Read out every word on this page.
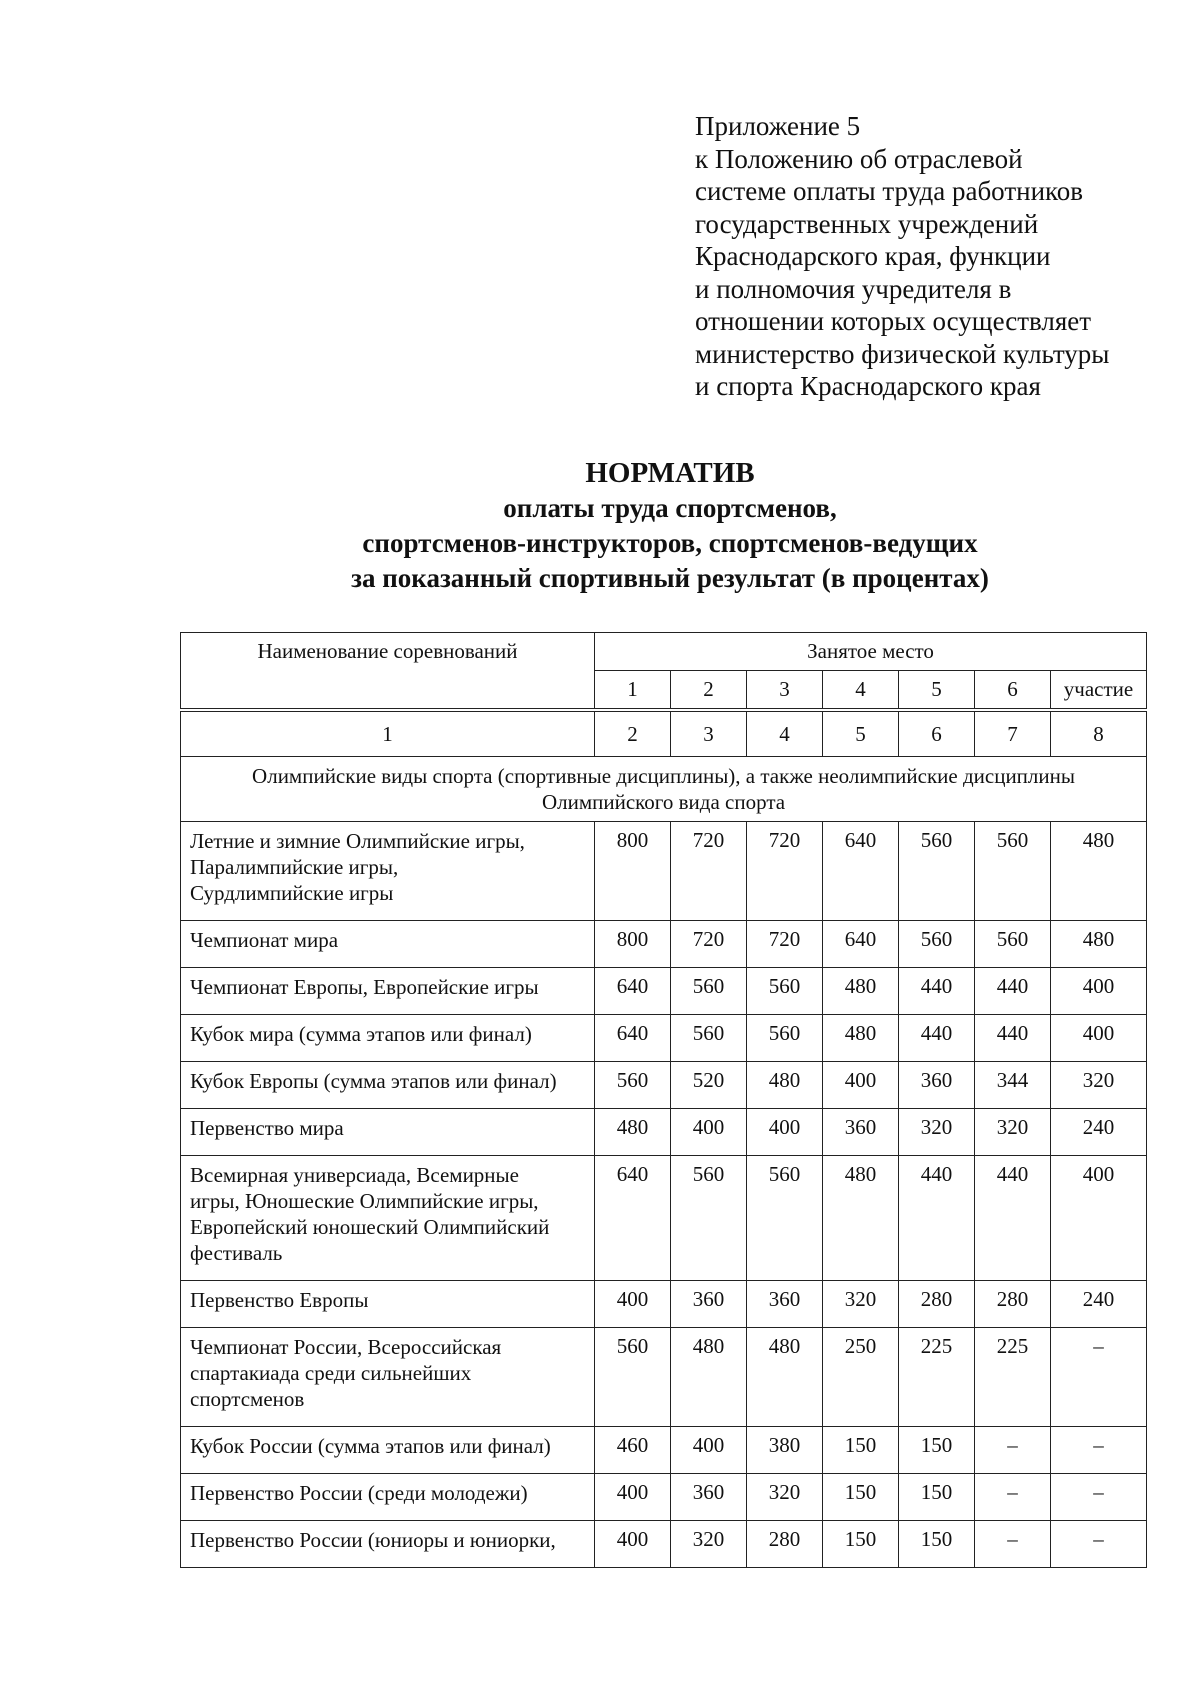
Приложение 5
к Положению об отраслевой
системе оплаты труда работников
государственных учреждений
Краснодарского края, функции
и полномочия учредителя в
отношении которых осуществляет
министерство физической культуры
и спорта Краснодарского края
НОРМАТИВ
оплаты труда спортсменов,
спортсменов-инструкторов, спортсменов-ведущих
за показанный спортивный результат (в процентах)
Наименование соревнований	Занятое место						
	1	2	3	4	5	6	участие
1	2	3	4	5	6	7	8

Олимпийские виды спорта (спортивные дисциплины), а также неолимпийские дисциплины
Олимпийского вида спорта							

Летние и зимние Олимпийские игры,
Паралимпийские игры,
Сурдлимпийские игры	800	720	720	640	560	560	480

Чемпионат мира	800	720	720	640	560	560	480

Чемпионат Европы, Европейские игры	640	560	560	480	440	440	400

Кубок мира (сумма этапов или финал)	640	560	560	480	440	440	400

Кубок Европы (сумма этапов или финал)	560	520	480	400	360	344	320

Первенство мира	480	400	400	360	320	320	240

Всемирная универсиада, Всемирные
игры, Юношеские Олимпийские игры,
Европейский юношеский Олимпийский
фестиваль	640	560	560	480	440	440	400

Первенство Европы	400	360	360	320	280	280	240

Чемпионат России, Всероссийская
спартакиада среди сильнейших
спортсменов	560	480	480	250	225	225	–

Кубок России (сумма этапов или финал)	460	400	380	150	150	–	–

Первенство России (среди молодежи)	400	360	320	150	150	–	–

Первенство России (юниоры и юниорки,	400	320	280	150	150	–	–
